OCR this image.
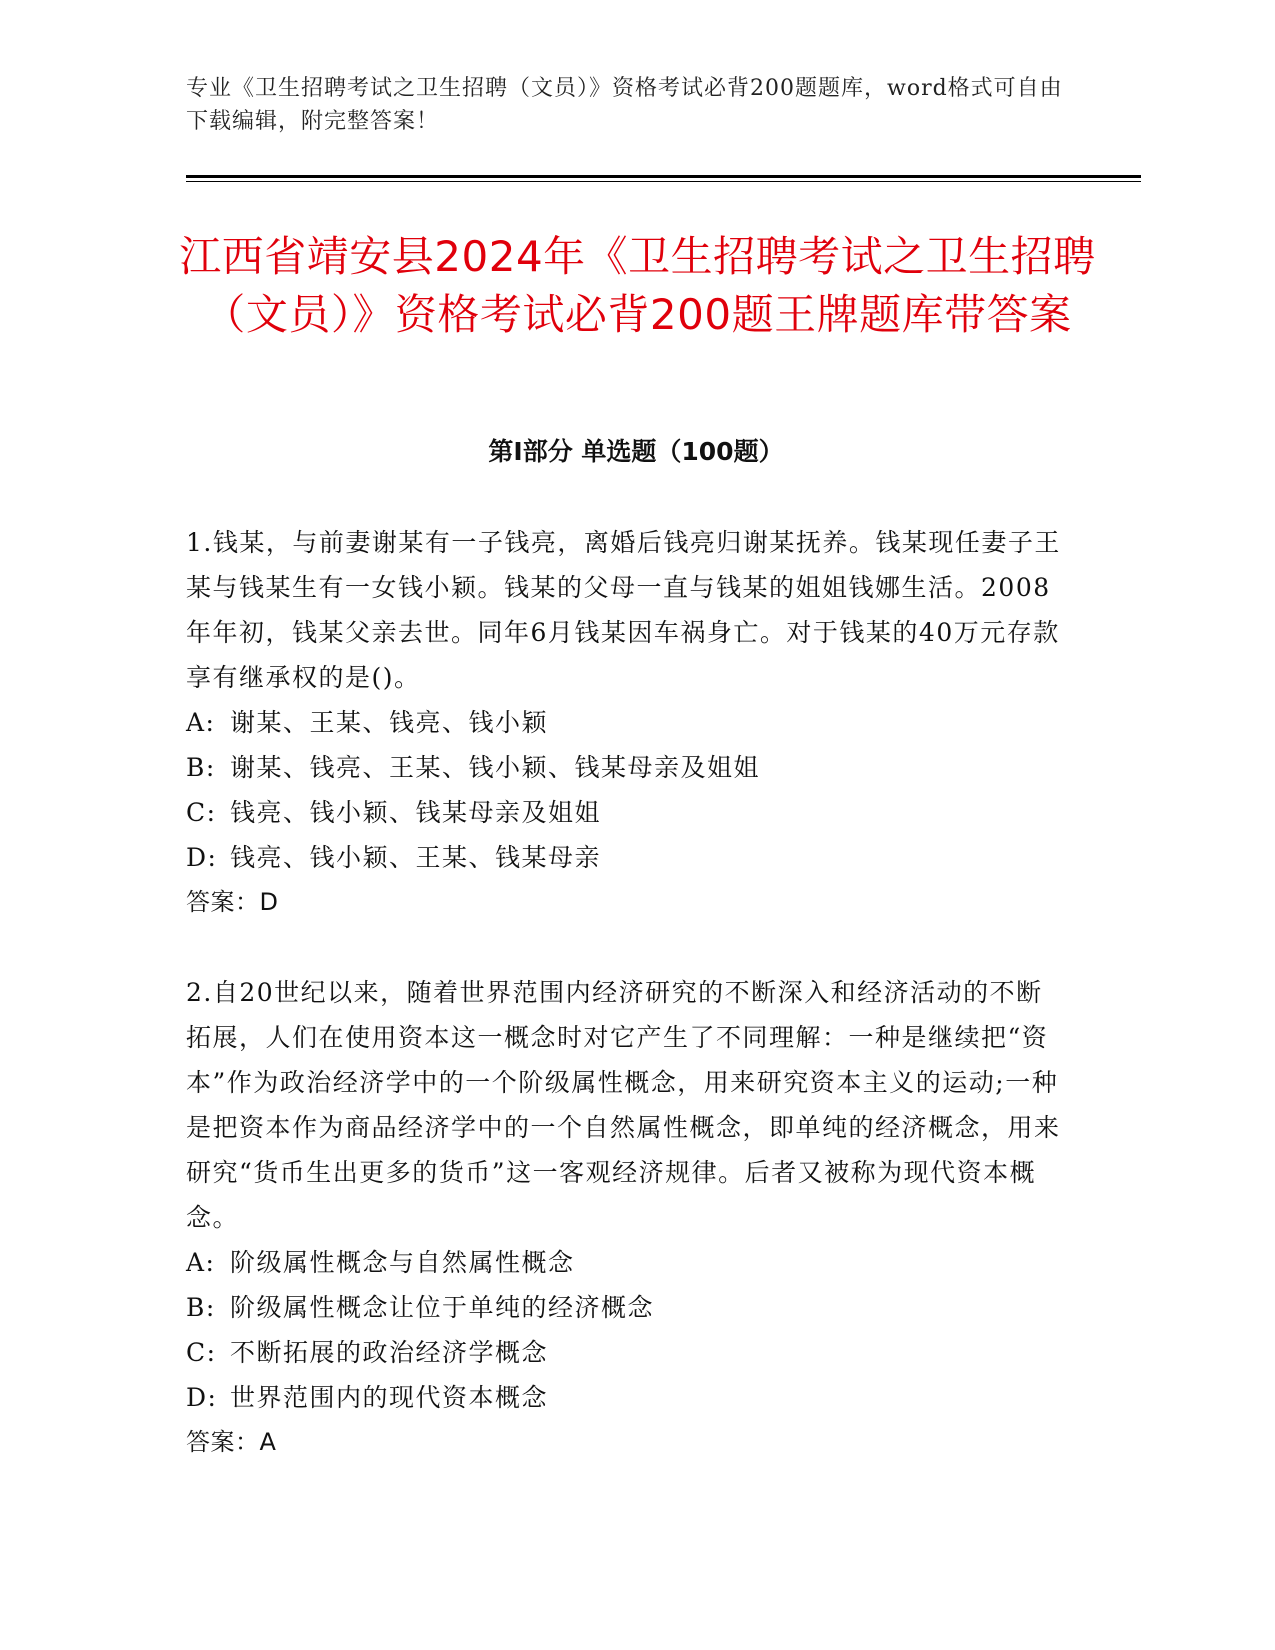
专业《卫生招聘考试之卫生招聘（文员）》资格考试必背200题题库，word格式可自由下载编辑，附完整答案！
江西省靖安县2024年《卫生招聘考试之卫生招聘（文员）》资格考试必背200题王牌题库带答案
第I部分 单选题（100题）

1.钱某，与前妻谢某有一子钱亮，离婚后钱亮归谢某抚养。钱某现任妻子王某与钱某生有一女钱小颖。钱某的父母一直与钱某的姐姐钱娜生活。2008年年初，钱某父亲去世。同年6月钱某因车祸身亡。对于钱某的40万元存款享有继承权的是()。

A: 谢某、王某、钱亮、钱小颖

B: 谢某、钱亮、王某、钱小颖、钱某母亲及姐姐

C: 钱亮、钱小颖、钱某母亲及姐姐

D: 钱亮、钱小颖、王某、钱某母亲

答案：D

2.自20世纪以来，随着世界范围内经济研究的不断深入和经济活动的不断拓展，人们在使用资本这一概念时对它产生了不同理解：一种是继续把“资本”作为政治经济学中的一个阶级属性概念，用来研究资本主义的运动;一种是把资本作为商品经济学中的一个自然属性概念，即单纯的经济概念，用来研究“货币生出更多的货币”这一客观经济规律。后者又被称为现代资本概念。

A: 阶级属性概念与自然属性概念

B: 阶级属性概念让位于单纯的经济概念

C: 不断拓展的政治经济学概念

D: 世界范围内的现代资本概念

答案：A
